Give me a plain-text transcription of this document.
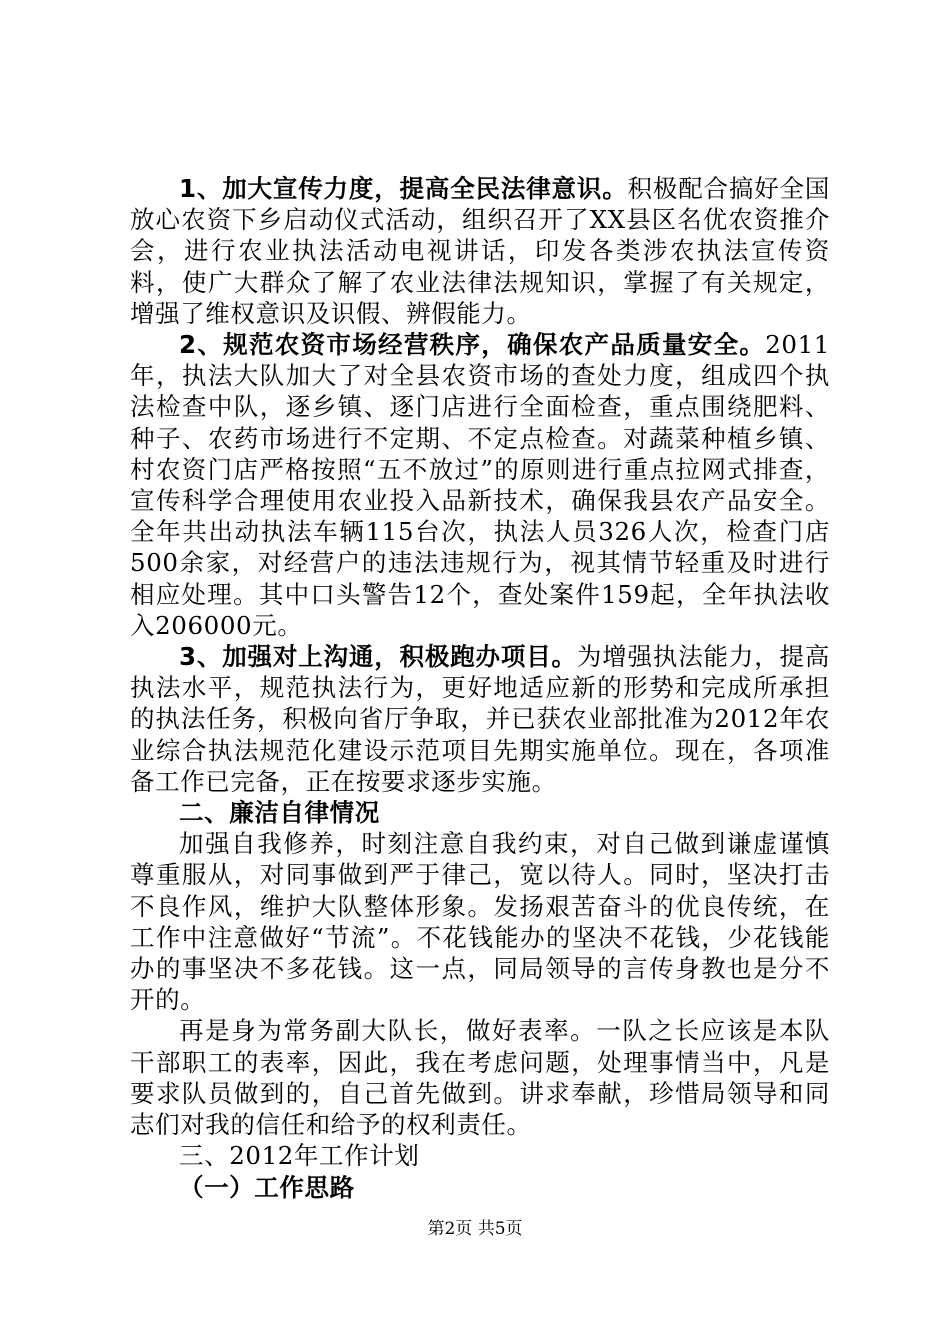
1、加大宣传力度，提高全民法律意识。积极配合搞好全国放心农资下乡启动仪式活动，组织召开了XX县区名优农资推介会，进行农业执法活动电视讲话，印发各类涉农执法宣传资料，使广大群众了解了农业法律法规知识，掌握了有关规定，增强了维权意识及识假、辨假能力。

2、规范农资市场经营秩序，确保农产品质量安全。2011年，执法大队加大了对全县农资市场的查处力度，组成四个执法检查中队，逐乡镇、逐门店进行全面检查，重点围绕肥料、种子、农药市场进行不定期、不定点检查。对蔬菜种植乡镇、村农资门店严格按照“五不放过”的原则进行重点拉网式排查，宣传科学合理使用农业投入品新技术，确保我县农产品安全。全年共出动执法车辆115台次，执法人员326人次，检查门店500余家，对经营户的违法违规行为，视其情节轻重及时进行相应处理。其中口头警告12个，查处案件159起，全年执法收入206000元。

3、加强对上沟通，积极跑办项目。为增强执法能力，提高执法水平，规范执法行为，更好地适应新的形势和完成所承担的执法任务，积极向省厅争取，并已获农业部批准为2012年农业综合执法规范化建设示范项目先期实施单位。现在，各项准备工作已完备，正在按要求逐步实施。

二、廉洁自律情况

加强自我修养，时刻注意自我约束，对自己做到谦虚谨慎尊重服从，对同事做到严于律己，宽以待人。同时，坚决打击不良作风，维护大队整体形象。发扬艰苦奋斗的优良传统，在工作中注意做好“节流”。不花钱能办的坚决不花钱，少花钱能办的事坚决不多花钱。这一点，同局领导的言传身教也是分不开的。

再是身为常务副大队长，做好表率。一队之长应该是本队干部职工的表率，因此，我在考虑问题，处理事情当中，凡是要求队员做到的，自己首先做到。讲求奉献，珍惜局领导和同志们对我的信任和给予的权利责任。

三、2012年工作计划

（一）工作思路

第2页 共5页
